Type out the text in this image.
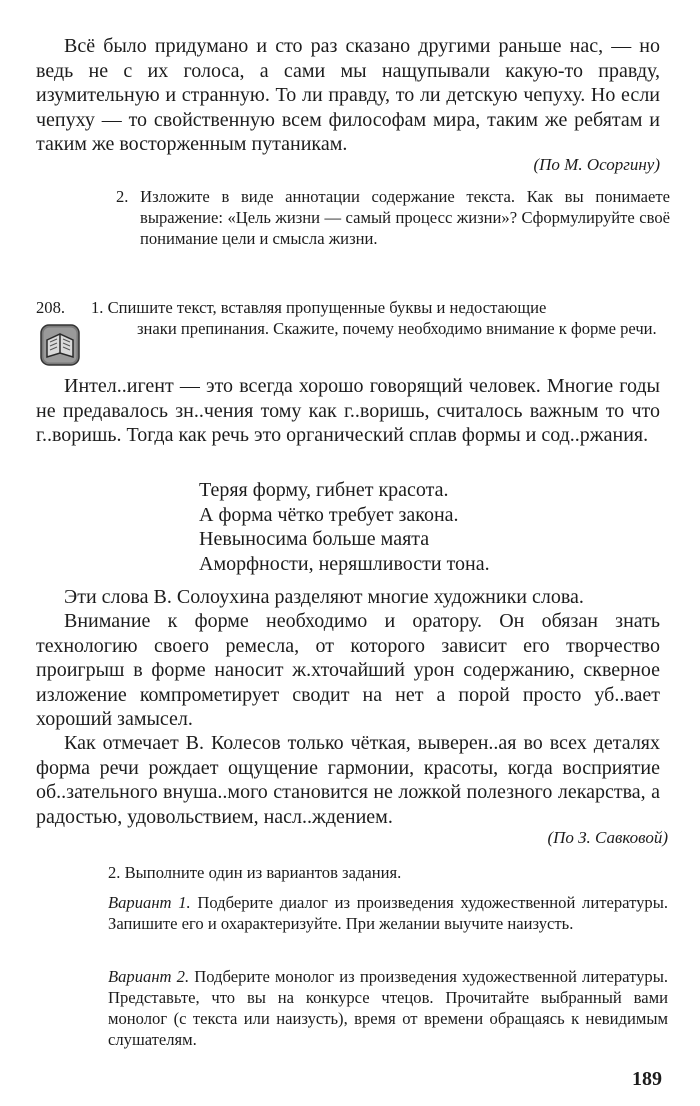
Всё было придумано и сто раз сказано другими раньше нас, — но ведь не с их голоса, а сами мы нащупывали какую-то правду, изумительную и странную. То ли правду, то ли детскую чепуху. Но если чепуху — то свойственную всем философам мира, таким же ребятам и таким же восторженным путаникам.

(По М. Осоргину)

2. Изложите в виде аннотации содержание текста. Как вы понимаете выражение: «Цель жизни — самый процесс жизни»? Сформулируйте своё понимание цели и смысла жизни.

208. 1. Спишите текст, вставляя пропущенные буквы и недостающие
знаки препинания. Скажите, почему необходимо внимание к форме речи.

Интел..игент — это всегда хорошо говорящий человек. Многие годы не предавалось зн..чения тому как г..воришь, считалось важным то что г..воришь. Тогда как речь это органический сплав формы и сод..ржания.

Теряя форму, гибнет красота.
А форма чётко требует закона.
Невыносима больше маята
Аморфности, неряшливости тона.

Эти слова В. Солоухина разделяют многие художники слова.

Внимание к форме необходимо и оратору. Он обязан знать технологию своего ремесла, от которого зависит его творчество проигрыш в форме наносит ж.хточайший урон содержанию, скверное изложение компрометирует сводит на нет а порой просто уб..вает хороший замысел.

Как отмечает В. Колесов только чёткая, выверен..ая во всех деталях форма речи рождает ощущение гармонии, красоты, когда восприятие об..зательного внуша..мого становится не ложкой полезного лекарства, а радостью, удовольствием, насл..ждением.

(По З. Савковой)

2. Выполните один из вариантов задания.

Вариант 1. Подберите диалог из произведения художественной литературы. Запишите его и охарактеризуйте. При желании выучите наизусть.

Вариант 2. Подберите монолог из произведения художественной литературы. Представьте, что вы на конкурсе чтецов. Прочитайте выбранный вами монолог (с текста или наизусть), время от времени обращаясь к невидимым слушателям.

189
